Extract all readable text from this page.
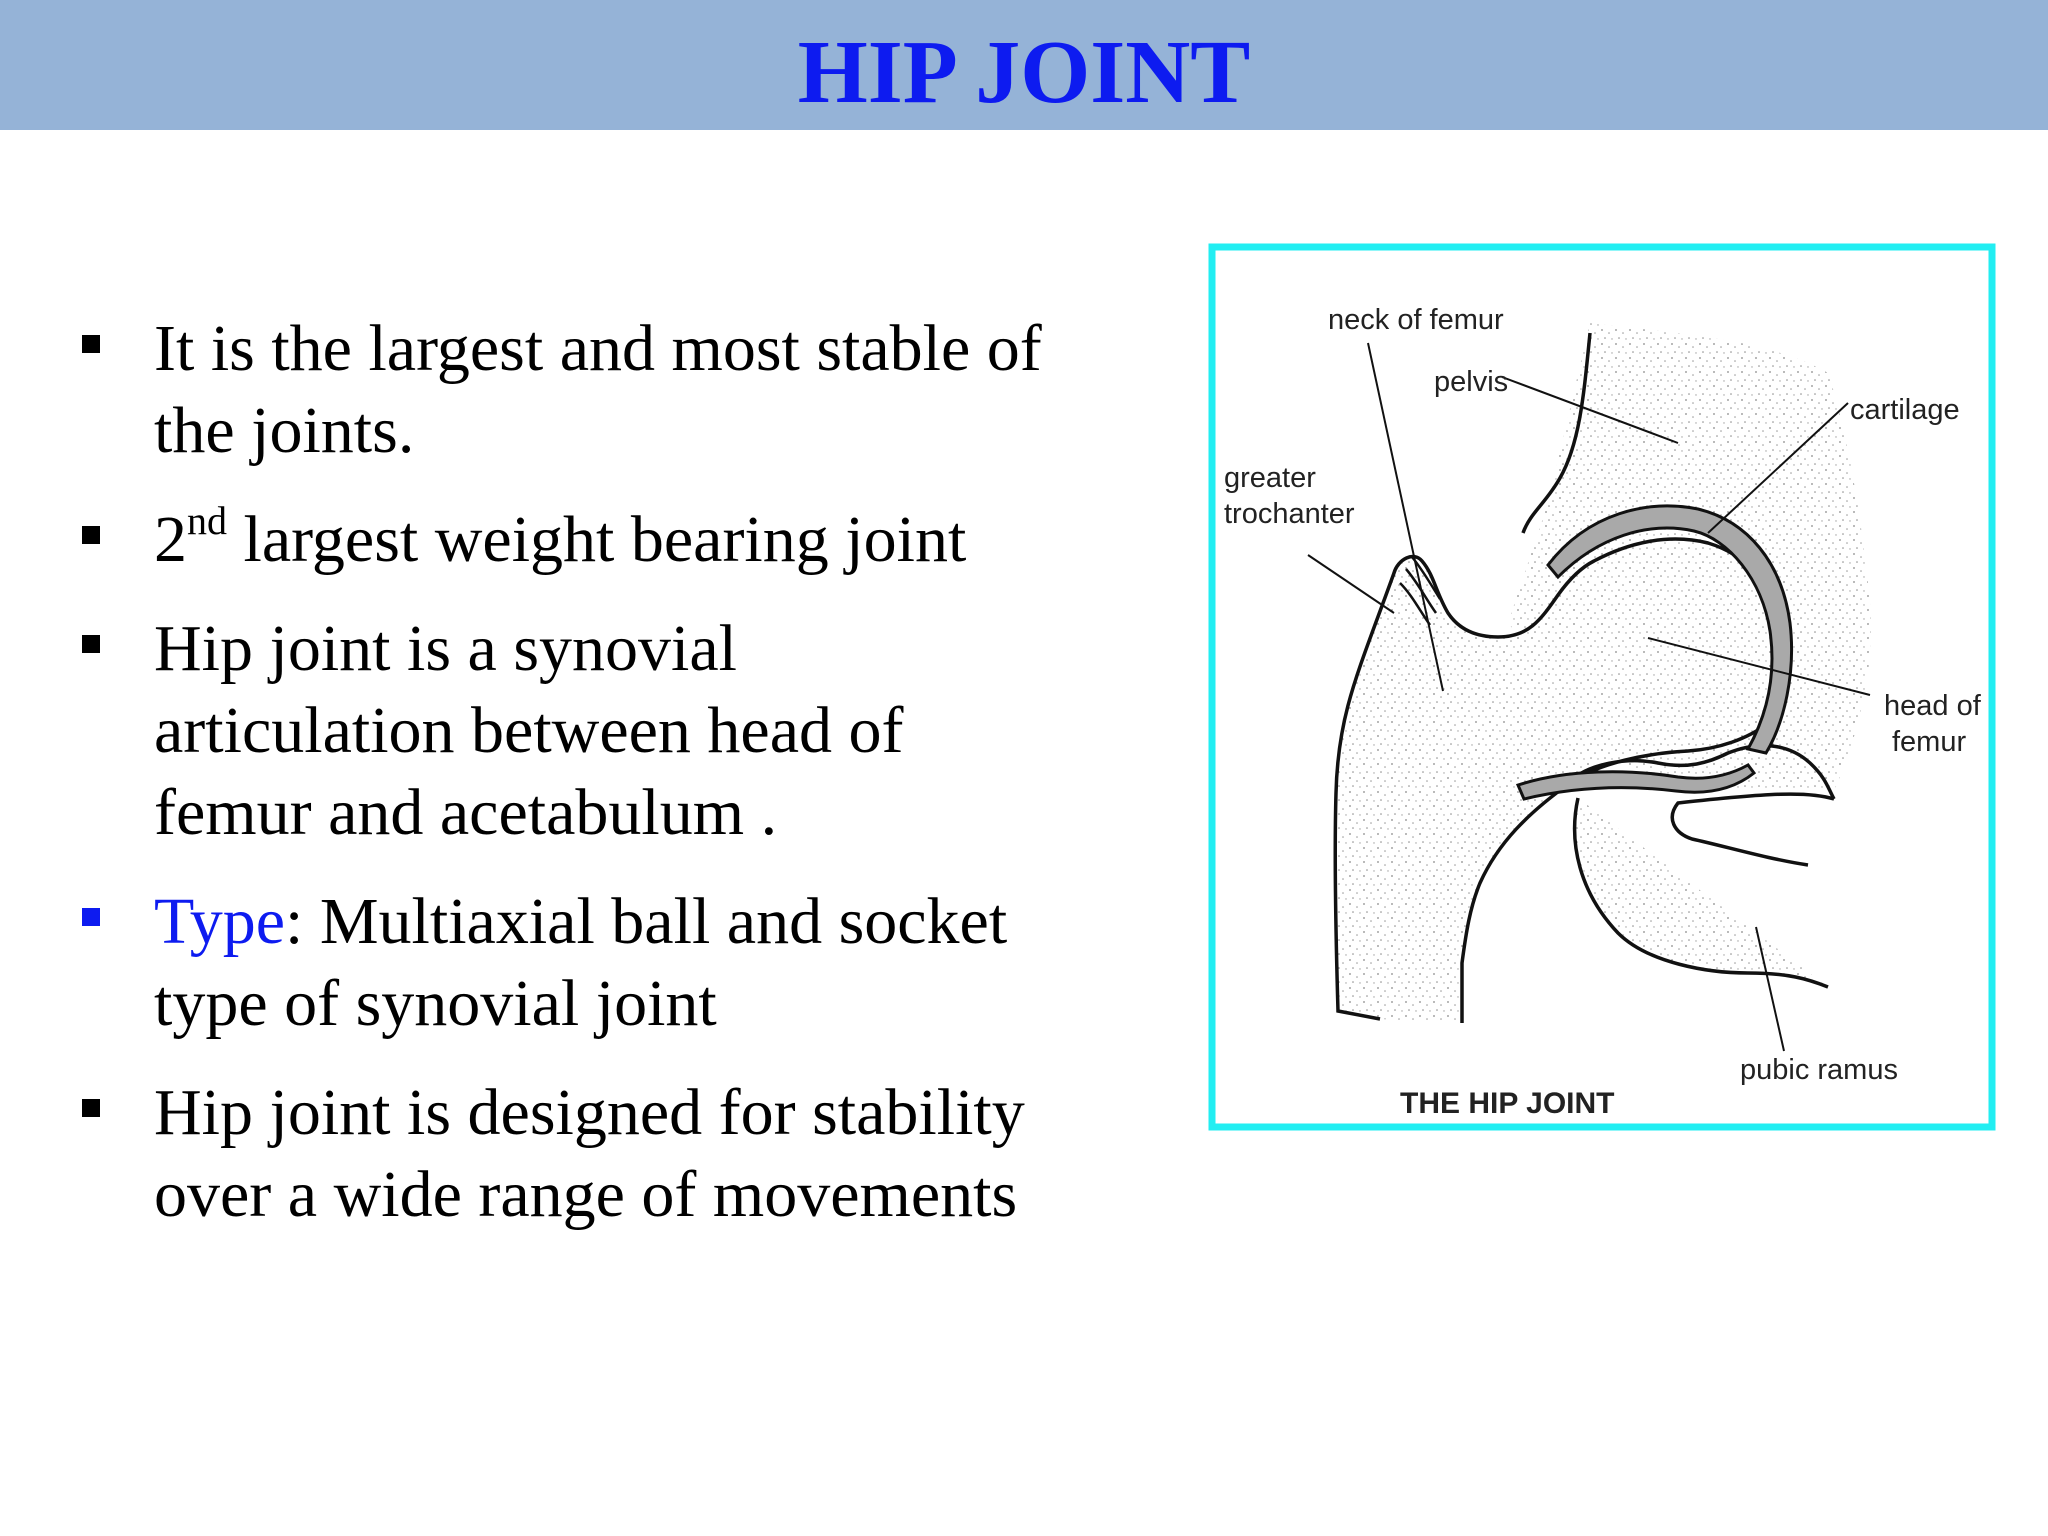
HIP JOINT
It is the largest and most stable of
the joints.
2nd largest weight bearing joint
Hip joint is a synovial
articulation between head of
femur and acetabulum .
Type: Multiaxial ball and socket
type of synovial joint
Hip joint is designed for stability
over a wide range of movements
neck of femur
pelvis
cartilage
greater
trochanter
head of
femur
pubic ramus
THE HIP JOINT
